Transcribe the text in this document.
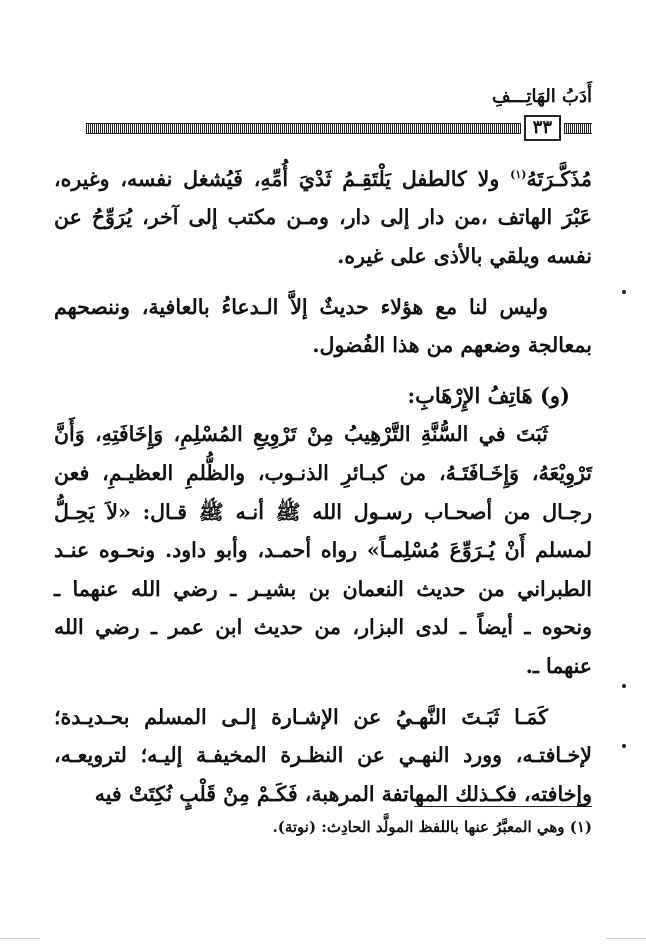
أَدَبُ الهَاتِـــفِ
٣٣

مُذَكَّـرَتَهُ$^{(١)}$ ولا كالطفل يَلْتَقِـمُ ثَدْيَ أُمِّهِ، فَيُشغل نفسه، وغيره، عَبْرَ الهاتف ،من دار إلى دار، ومـن مكتب إلى آخر، يُرَوِّحُ عن نفسه ويلقي بالأذى على غيره.

وليس لنا مع هؤلاء حديثٌ إلاَّ الـدعاءُ بالعافية، وننصحهم بمعالجة وضعهم من هذا الفُضول.

(و) هَاتِفُ الإِرْهَابِ:

ثَبَتَ في السُّنَّةِ التَّرْهِيبُ مِنْ تَرْوِيعِ المُسْلِمِ، وَإِخَافَتِهِ، وَأَنَّ تَرْوِيْعَهُ، وَإِخَـافَتَـهُ، من كبـائرِ الذنـوب، والظُّلمِ العظيـمِ، فعن رجـال من أصحـاب رسـول الله ﷺ أنـه ﷺ قـال: «لاَ يَحِـلُّ لمسلم أَنْ يُـرَوِّعَ مُسْلِمـاً» رواه أحمـد، وأبو داود. ونحـوه عنـد الطبراني من حديث النعمان بن بشيـر ـ رضي الله عنهما ـ ونحوه ـ أيضاً ـ لدى البزار، من حديث ابن عمر ـ رضي الله عنهما ـ.

كَمَـا ثَبَـتَ النَّهـيُ عن الإشـارة إلـى المسلم بحـديـدة؛ لإخـافتـه، وورد النهـي عن النظـرة المخيفـة إليـه؛ لترويعـه، وإخافته، فكـذلك المهاتفة المرهبة، فَكَـمْ مِنْ قَلْبٍ نُكِتَتْ فيه

(١) وهي المعبَّرُ عنها باللفظ المولَّد الحادِث: (نوتة).
